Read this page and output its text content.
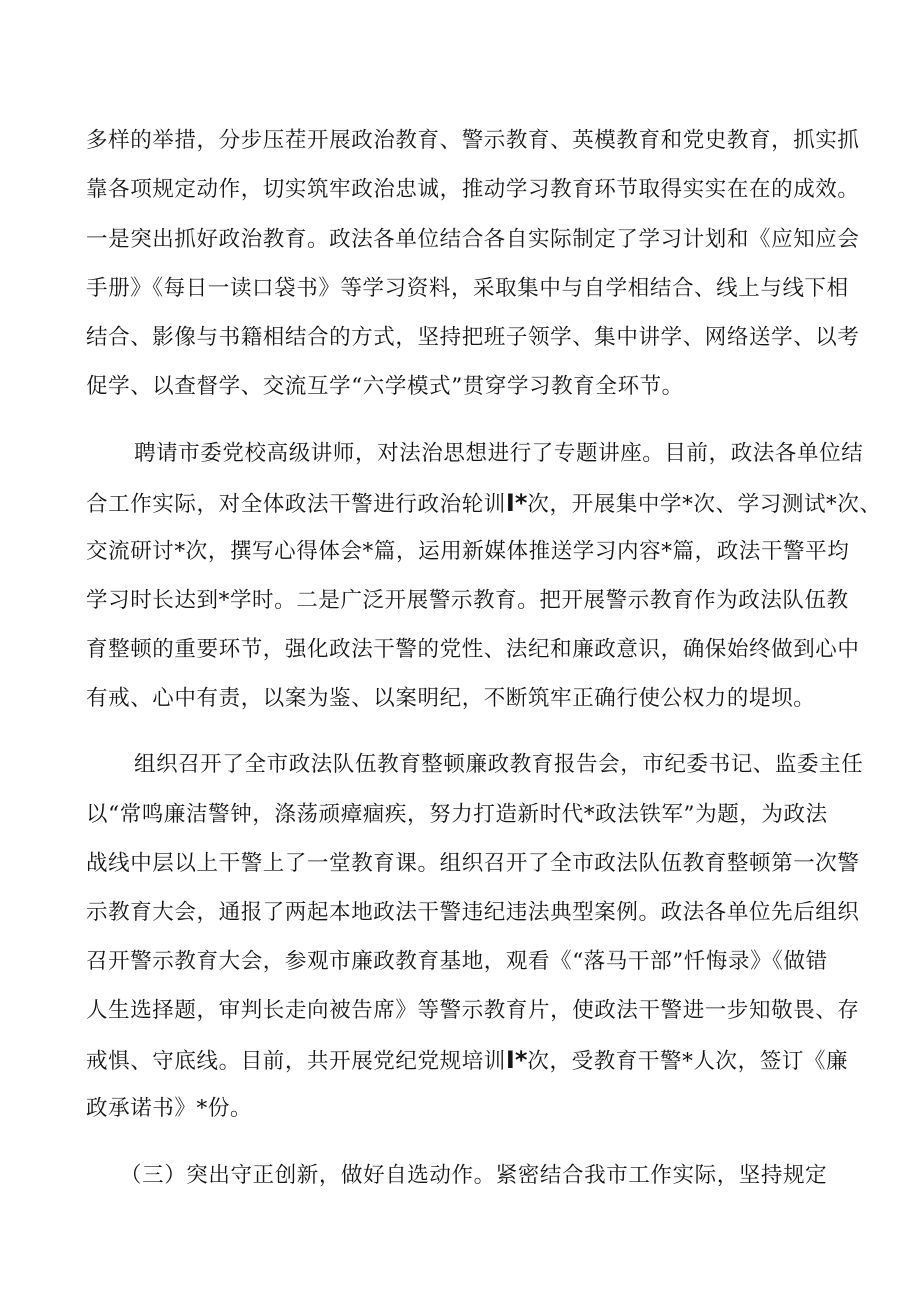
多样的举措，分步压茬开展政治教育、警示教育、英模教育和党史教育，抓实抓
靠各项规定动作，切实筑牢政治忠诚，推动学习教育环节取得实实在在的成效。
一是突出抓好政治教育。政法各单位结合各自实际制定了学习计划和《应知应会
手册》《每日一读口袋书》等学习资料，采取集中与自学相结合、线上与线下相
结合、影像与书籍相结合的方式，坚持把班子领学、集中讲学、网络送学、以考
促学、以查督学、交流互学“六学模式”贯穿学习教育全环节。
聘请市委党校高级讲师，对法治思想进行了专题讲座。目前，政法各单位结
合工作实际，对全体政法干警进行政治轮训I*次，开展集中学*次、学习测试*次、
交流研讨*次，撰写心得体会*篇，运用新媒体推送学习内容*篇，政法干警平均
学习时长达到*学时。二是广泛开展警示教育。把开展警示教育作为政法队伍教
育整顿的重要环节，强化政法干警的党性、法纪和廉政意识，确保始终做到心中
有戒、心中有责，以案为鉴、以案明纪，不断筑牢正确行使公权力的堤坝。
组织召开了全市政法队伍教育整顿廉政教育报告会，市纪委书记、监委主任
以“常鸣廉洁警钟，涤荡顽瘴痼疾，努力打造新时代*政法铁军”为题，为政法
战线中层以上干警上了一堂教育课。组织召开了全市政法队伍教育整顿第一次警
示教育大会，通报了两起本地政法干警违纪违法典型案例。政法各单位先后组织
召开警示教育大会，参观市廉政教育基地，观看《“落马干部”忏悔录》《做错
人生选择题，审判长走向被告席》等警示教育片，使政法干警进一步知敬畏、存
戒惧、守底线。目前，共开展党纪党规培训I*次，受教育干警*人次，签订《廉
政承诺书》*份。
（三）突出守正创新，做好自选动作。紧密结合我市工作实际，坚持规定
